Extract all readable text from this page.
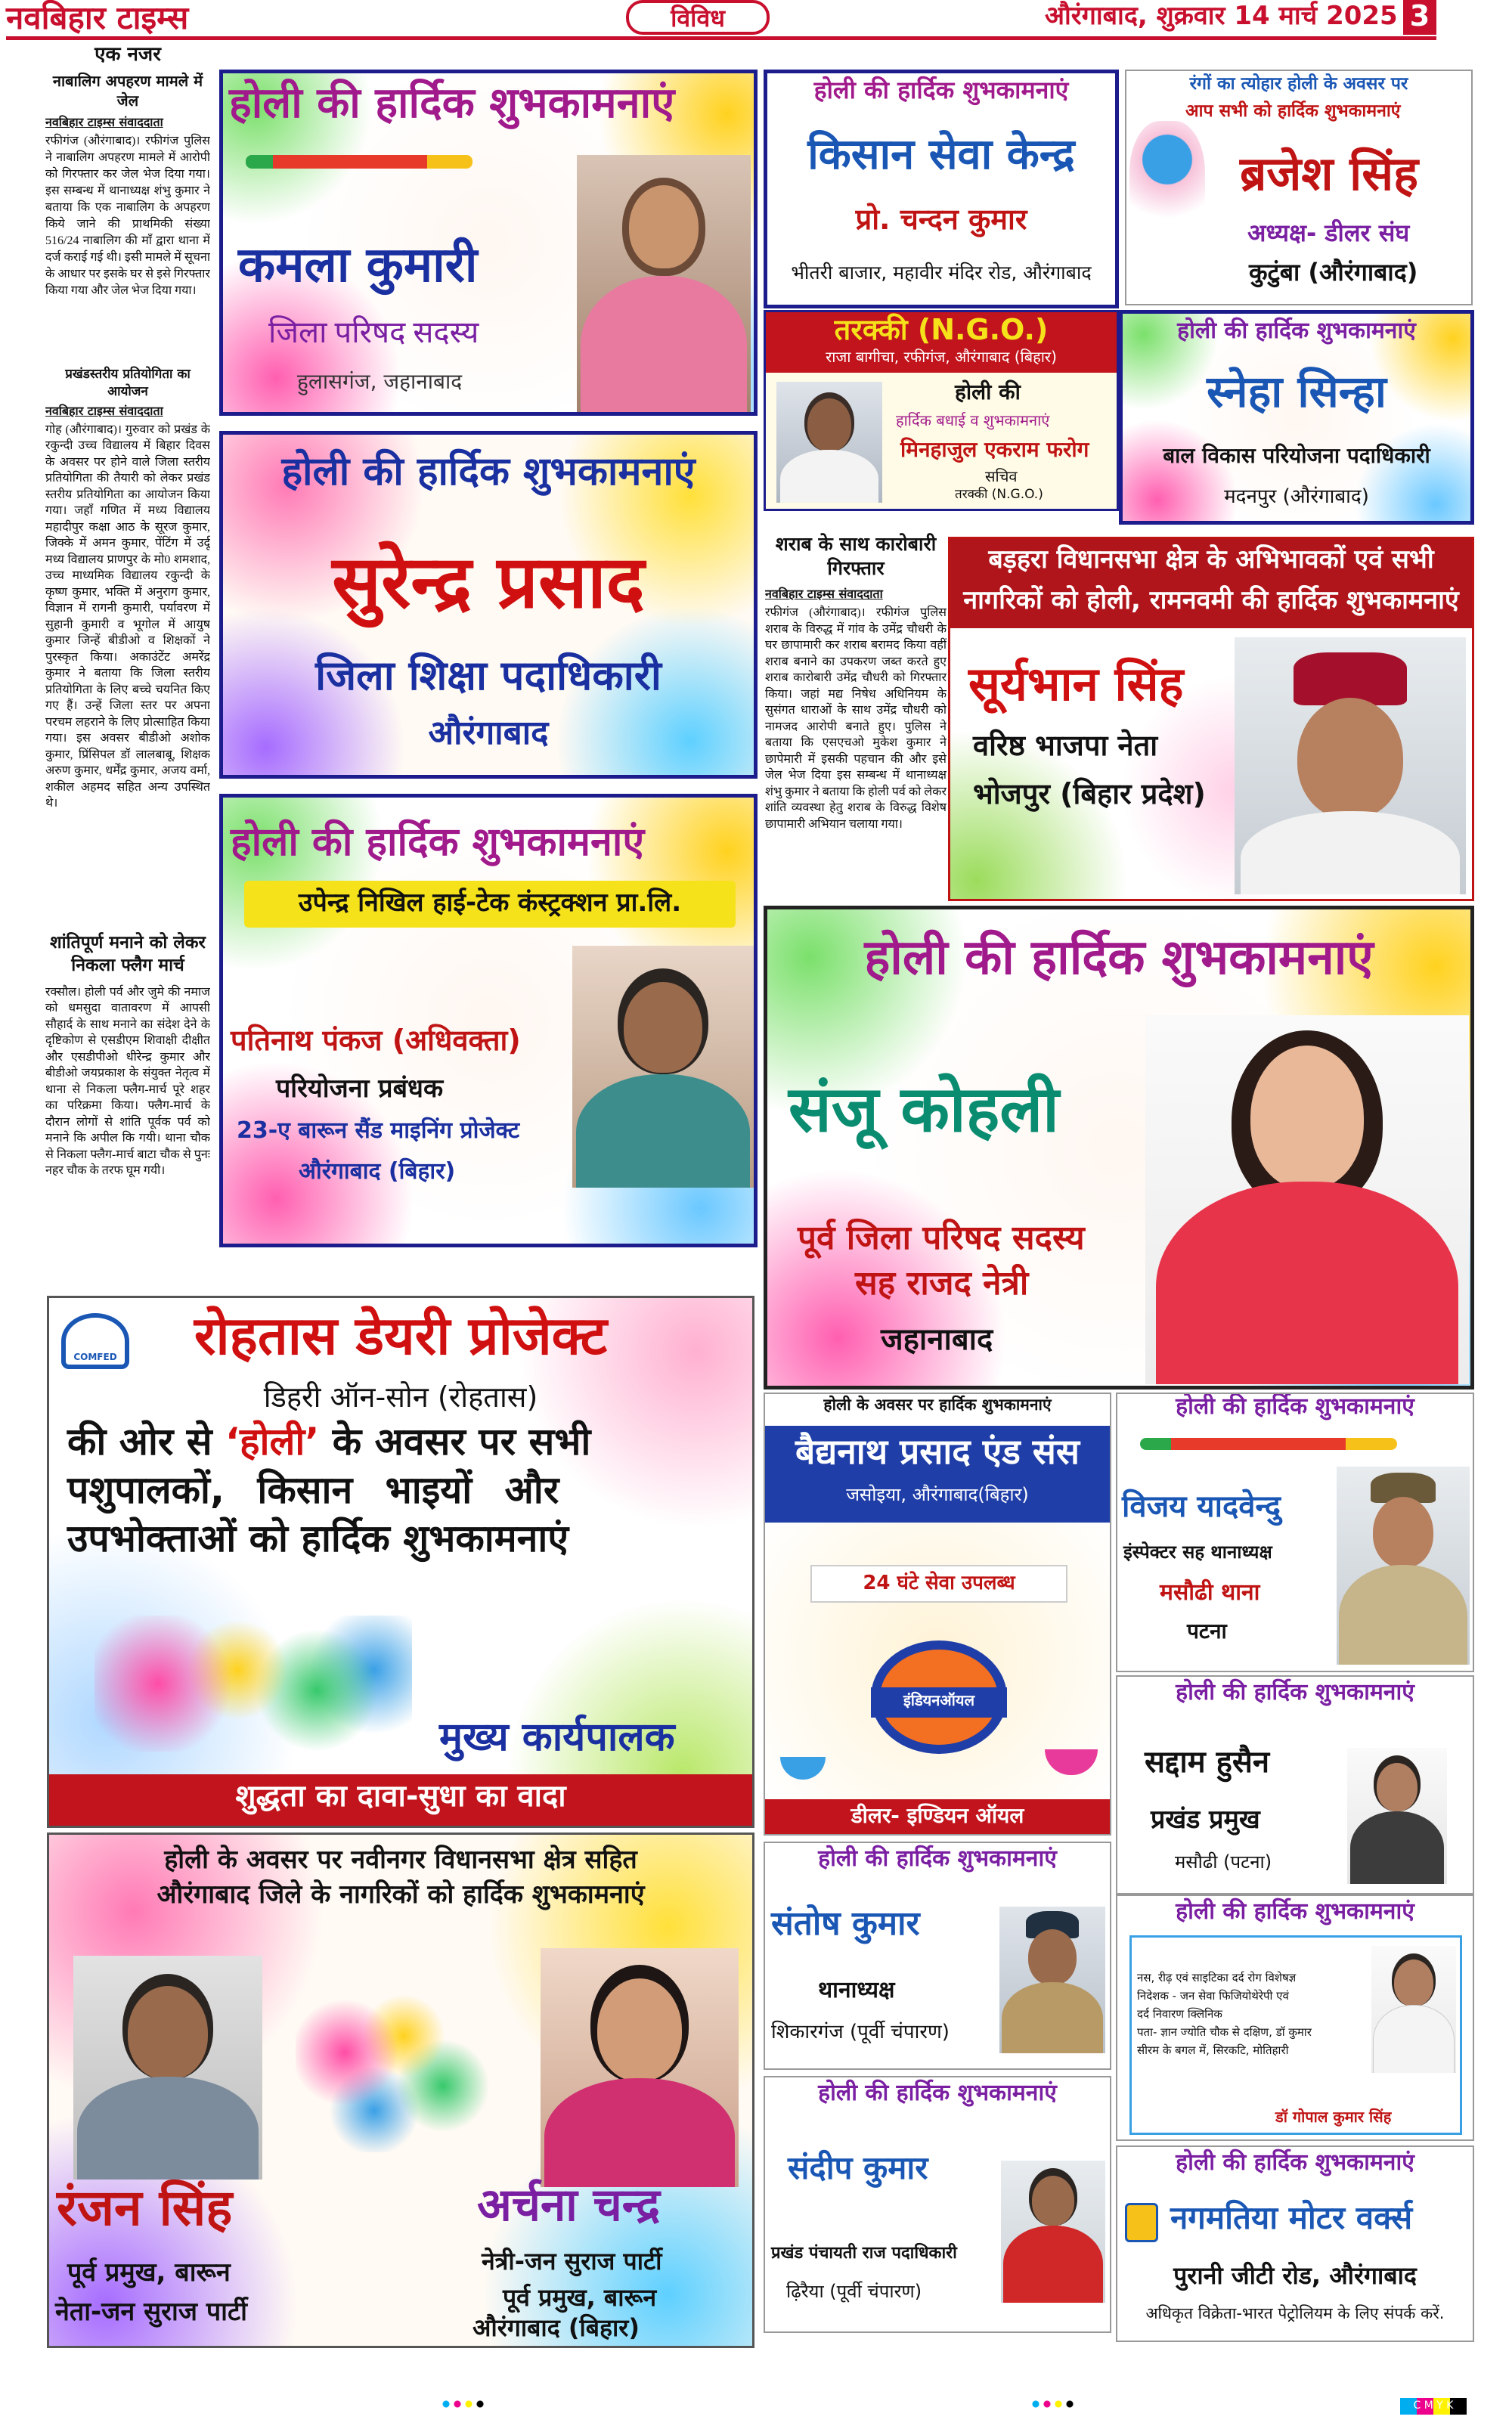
नवबिहार टाइम्स	विविध	औरंगाबाद, शुक्रवार 14 मार्च 2025 3
एक नजर
नाबालिग अपहरण मामले में जेल
नवबिहार टाइम्स संवाददाता
रफीगंज (औरंगाबाद)। रफीगंज पुलिस ने नाबालिग अपहरण मामले में आरोपी को गिरफ्तार कर जेल भेज दिया गया। इस सम्बन्ध में थानाध्यक्ष शंभु कुमार ने बताया कि एक नाबालिग के अपहरण किये जाने की प्राथमिकी संख्या 516/24 नाबालिग की माँ द्वारा थाना में दर्ज कराई गई थी। इसी मामले में सूचना के आधार पर इसके घर से इसे गिरफ्तार किया गया और जेल भेज दिया गया।
प्रखंडस्तरीय प्रतियोगिता का आयोजन
नवबिहार टाइम्स संवाददाता
गोह (औरंगाबाद)। गुरुवार को प्रखंड के रकुन्दी उच्च विद्यालय में बिहार दिवस के अवसर पर होने वाले जिला स्तरीय प्रतियोगिता की तैयारी को लेकर प्रखंड स्तरीय प्रतियोगिता का आयोजन किया गया। जहाँ गणित में मध्य विद्यालय महादीपुर कक्षा आठ के सूरज कुमार, जिक्के में अमन कुमार, पेंटिंग में उर्दू मध्य विद्यालय प्राणपुर के मो0 शमशाद, उच्च माध्यमिक विद्यालय रकुन्दी के कृष्ण कुमार, भक्ति में अनुराग कुमार, विज्ञान में रागनी कुमारी, पर्यावरण में सुहानी कुमारी व भूगोल में आयुष कुमार जिन्हें बीडीओ व शिक्षकों ने पुरस्कृत किया। अकाउंटेंट अमरेंद्र कुमार ने बताया कि जिला स्तरीय प्रतियोगिता के लिए बच्चे चयनित किए गए हैं। उन्हें जिला स्तर पर अपना परचम लहराने के लिए प्रोत्साहित किया गया। इस अवसर बीडीओ अशोक कुमार, प्रिंसिपल डॉ लालबाबू, शिक्षक अरुण कुमार, धर्मेंद्र कुमार, अजय वर्मा, शकील अहमद सहित अन्य उपस्थित थे।
शांतिपूर्ण मनाने को लेकर निकला फ्लैग मार्च
रक्सौल। होली पर्व और जुमे की नमाज को धमसुदा वातावरण में आपसी सौहार्द के साथ मनाने का संदेश देने के दृष्टिकोण से एसडीएम शिवाक्षी दीक्षीत और एसडीपीओ धीरेन्द्र कुमार और बीडीओ जयप्रकाश के संयुक्त नेतृत्व में थाना से निकला फ्लैग-मार्च पूरे शहर का परिक्रमा किया। फ्लैग-मार्च के दौरान लोगों से शांति पूर्वक पर्व को मनाने कि अपील कि गयी। थाना चौक से निकला फ्लैग-मार्च बाटा चौक से पुनः नहर चौक के तरफ घूम गयी।
होली की हार्दिक शुभकामनाएं
कमला कुमारी
जिला परिषद सदस्य
हुलासगंज, जहानाबाद
होली की हार्दिक शुभकामनाएं
सुरेन्द्र प्रसाद
जिला शिक्षा पदाधिकारी
औरंगाबाद
होली की हार्दिक शुभकामनाएं
उपेन्द्र निखिल हाई-टेक कंस्ट्रक्शन प्रा.लि.
पतिनाथ पंकज (अधिवक्ता)
परियोजना प्रबंधक
23-ए बारून सैंड माइनिंग प्रोजेक्ट
औरंगाबाद (बिहार)
होली की हार्दिक शुभकामनाएं
किसान सेवा केन्द्र
प्रो. चन्दन कुमार
भीतरी बाजार, महावीर मंदिर रोड, औरंगाबाद
तरक्की (N.G.O.)
राजा बागीचा, रफीगंज, औरंगाबाद (बिहार)
होली की
हार्दिक बधाई व शुभकामनाएं
मिनहाजुल एकराम फरोग
सचिव
तरक्की (N.G.O.)
रंगों का त्योहार होली के अवसर पर
आप सभी को हार्दिक शुभकामनाएं
ब्रजेश सिंह
अध्यक्ष- डीलर संघ
कुटुंबा (औरंगाबाद)
होली की हार्दिक शुभकामनाएं
स्नेहा सिन्हा
बाल विकास परियोजना पदाधिकारी
मदनपुर (औरंगाबाद)
शराब के साथ कारोबारी गिरफ्तार
नवबिहार टाइम्स संवाददाता
रफीगंज (औरंगाबाद)। रफीगंज पुलिस शराब के विरुद्ध में गांव के उमेंद्र चौधरी के घर छापामारी कर शराब बरामद किया वहीं शराब बनाने का उपकरण जब्त करते हुए शराब कारोबारी उमेंद्र चौधरी को गिरफ्तार किया। जहां मद्य निषेध अधिनियम के सुसंगत धाराओं के साथ उमेंद्र चौधरी को नामजद आरोपी बनाते हुए। पुलिस ने बताया कि एसएचओ मुकेश कुमार ने छापेमारी में इसकी पहचान की और इसे जेल भेज दिया इस सम्बन्ध में थानाध्यक्ष शंभु कुमार ने बताया कि होली पर्व को लेकर शांति व्यवस्था हेतु शराब के विरुद्ध विशेष छापामारी अभियान चलाया गया।
बड़हरा विधानसभा क्षेत्र के अभिभावकों एवं सभी
नागरिकों को होली, रामनवमी की हार्दिक शुभकामनाएं
सूर्यभान सिंह
वरिष्ठ भाजपा नेता
भोजपुर (बिहार प्रदेश)
होली की हार्दिक शुभकामनाएं
संजू कोहली
पूर्व जिला परिषद सदस्य
सह राजद नेत्री
जहानाबाद
COMFED	रोहतास डेयरी प्रोजेक्ट
डिहरी ऑन-सोन (रोहतास)
की ओर से ‘होली’ के अवसर पर सभी
पशुपालकों, किसान भाइयों और
उपभोक्ताओं को हार्दिक शुभकामनाएं
मुख्य कार्यपालक
शुद्धता का दावा-सुधा का वादा
होली के अवसर पर हार्दिक शुभकामनाएं
बैद्यनाथ प्रसाद एंड संस
जसोइया, औरंगाबाद(बिहार)
24 घंटे सेवा उपलब्ध
इंडियनऑयल
डीलर- इण्डियन ऑयल
होली की हार्दिक शुभकामनाएं
विजय यादवेन्दु
इंस्पेक्टर सह थानाध्यक्ष
मसौढी थाना
पटना
होली की हार्दिक शुभकामनाएं
सद्दाम हुसैन
प्रखंड प्रमुख
मसौढी (पटना)
होली के अवसर पर नवीनगर विधानसभा क्षेत्र सहित
औरंगाबाद जिले के नागरिकों को हार्दिक शुभकामनाएं
रंजन सिंह
पूर्व प्रमुख, बारून
नेता-जन सुराज पार्टी
अर्चना चन्द्र
नेत्री-जन सुराज पार्टी
पूर्व प्रमुख, बारून
औरंगाबाद (बिहार)
होली की हार्दिक शुभकामनाएं
संतोष कुमार
थानाध्यक्ष
शिकारगंज (पूर्वी चंपारण)
होली की हार्दिक शुभकामनाएं
संदीप कुमार
प्रखंड पंचायती राज पदाधिकारी
ढ़िरैया (पूर्वी चंपारण)
होली की हार्दिक शुभकामनाएं
डॉ गोपाल कुमार सिंह
नस, रीढ़ एवं साइटिका दर्द रोग विशेषज्ञ
निदेशक - जन सेवा फिजियोथेरेपी एवं
दर्द निवारण क्लिनिक
पता- ज्ञान ज्योति चौक से दक्षिण, डॉ कुमार
सीरम के बगल में, सिरकटि, मोतिहारी
होली की हार्दिक शुभकामनाएं
नगमतिया मोटर वर्क्स
पुरानी जीटी रोड, औरंगाबाद
अधिकृत विक्रेता-भारत पेट्रोलियम के लिए संपर्क करें.
C M Y K
